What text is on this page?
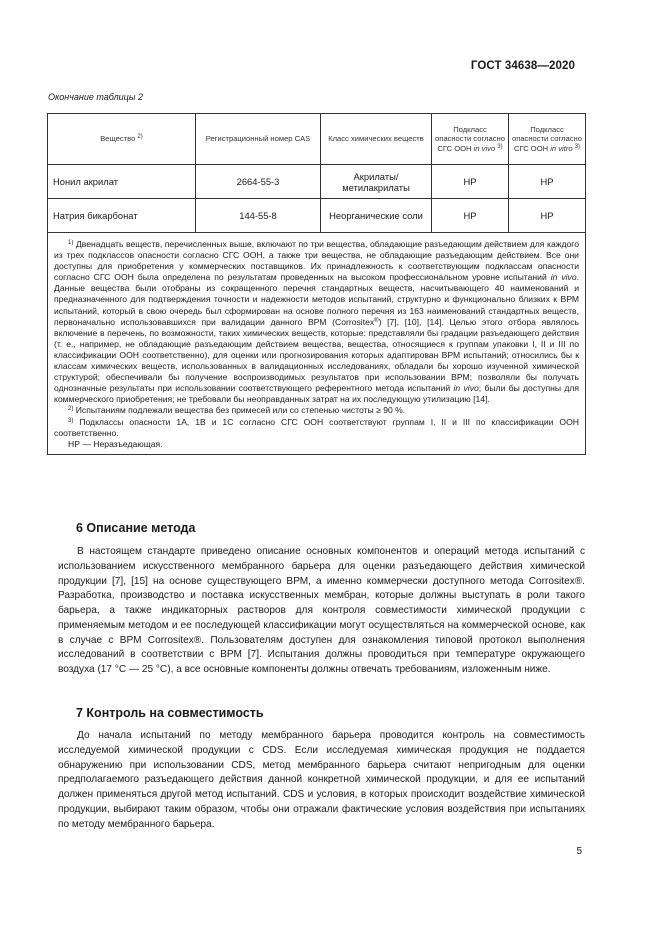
ГОСТ 34638—2020
Окончание таблицы 2
Вещество $^{2)}$	Регистрационный номер CAS	Класс химических веществ	Подкласс опасности согласно СГС ООН in vivo $^{3)}$	Подкласс опасности согласно СГС ООН in vitro $^{3)}$
Нонил акрилат	2664-55-3	Акрилаты/ метилакрилаты	НР	НР
Натрия бикарбонат	144-55-8	Неорганические соли	НР	НР

$^{1)}$ Двенадцать веществ, перечисленных выше, включают по три вещества, обладающие разъедающим действием для каждого из трех подклассов опасности согласно СГС ООН, а также три вещества, не обладающие разъедающим действием. Все они доступны для приобретения у коммерческих поставщиков. Их принадлежность к соответствующим подклассам опасности согласно СГС ООН была определена по результатам проведенных на высоком профессиональном уровне испытаний in vivo. Данные вещества были отобраны из сокращенного перечня стандартных веществ, насчитывающего 40 наименований и предназначенного для подтверждения точности и надежности методов испытаний, структурно и функционально близких к ВРМ испытаний, который в свою очередь был сформирован на основе полного перечня из 163 наименований стандартных веществ, первоначально использовавшихся при валидации данного ВРМ (Corrositex®) [7], [10], [14]. Целью этого отбора являлось включение в перечень, по возможности, таких химических веществ, которые: представляли бы градации разъедающего действия (т. е., например, не обладающие разъедающим действием вещества, вещества, относящиеся к группам упаковки I, II и III по классификации ООН соответственно), для оценки или прогнозирования которых адаптирован ВРМ испытаний; относились бы к классам химических веществ, использованных в валидационных исследованиях, обладали бы хорошо изученной химической структурой; обеспечивали бы получение воспроизводимых результатов при использовании ВРМ; позволяли бы получать однозначные результаты при использовании соответствующего референтного метода испытаний in vivo; были бы доступны для коммерческого приобретения; не требовали бы неоправданных затрат на их последующую утилизацию [14].

$^{2)}$ Испытаниям подлежали вещества без примесей или со степенью чистоты ≥ 90 %.

$^{3)}$ Подклассы опасности 1А, 1В и 1С согласно СГС ООН соответствуют группам I, II и III по классификации ООН соответственно.

НР — Неразъедающая.				

6 Описание метода
В настоящем стандарте приведено описание основных компонентов и операций метода испытаний с использованием искусственного мембранного барьера для оценки разъедающего действия химической продукции [7], [15] на основе существующего ВРМ, а именно коммерчески доступного метода Corrositex®. Разработка, производство и поставка искусственных мембран, которые должны выступать в роли такого барьера, а также индикаторных растворов для контроля совместимости химической продукции с применяемым методом и ее последующей классификации могут осуществляться на коммерческой основе, как в случае с ВРМ Corrositex®. Пользователям доступен для ознакомления типовой протокол выполнения исследований в соответствии с ВРМ [7]. Испытания должны проводиться при температуре окружающего воздуха (17 °C — 25 °C), а все основные компоненты должны отвечать требованиям, изложенным ниже.
7 Контроль на совместимость
До начала испытаний по методу мембранного барьера проводится контроль на совместимость исследуемой химической продукции с CDS. Если исследуемая химическая продукция не поддается обнаружению при использовании CDS, метод мембранного барьера считают непригодным для оценки предполагаемого разъедающего действия данной конкретной химической продукции, и для ее испытаний должен применяться другой метод испытаний. CDS и условия, в которых происходит воздействие химической продукции, выбирают таким образом, чтобы они отражали фактические условия воздействия при испытаниях по методу мембранного барьера.
5
